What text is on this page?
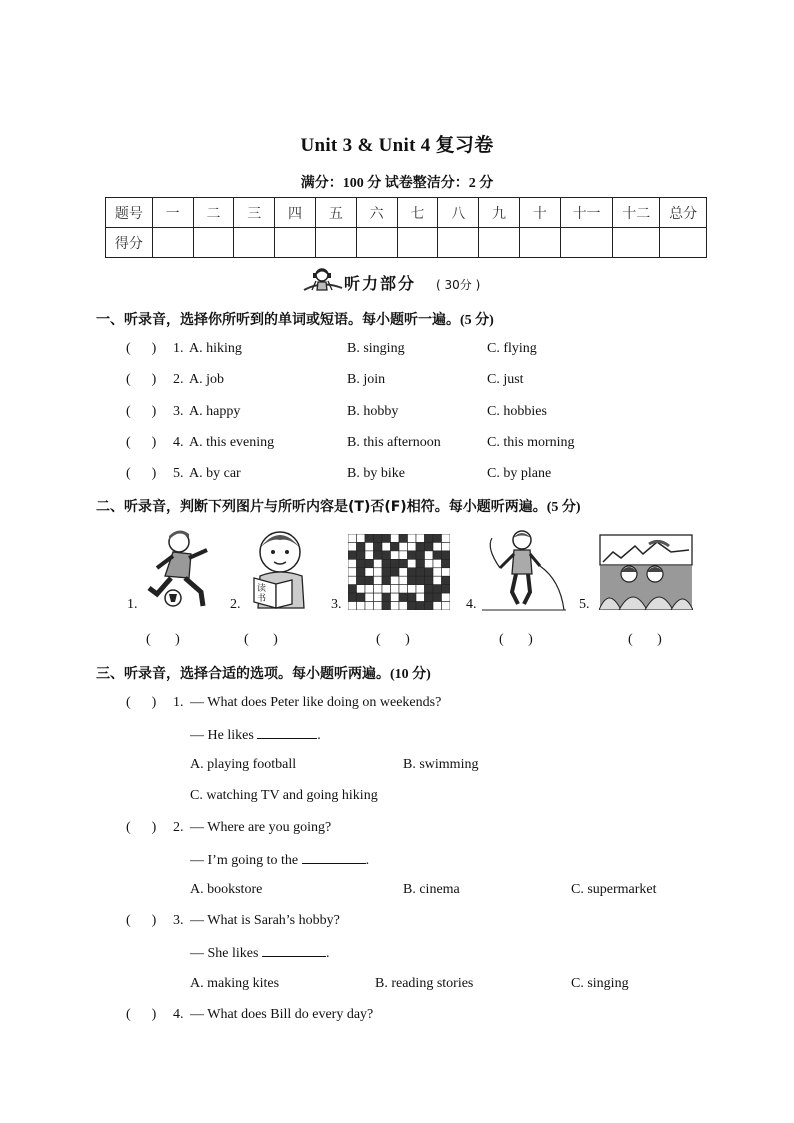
Unit 3 & Unit 4 复习卷
满分：100 分 试卷整洁分：2 分
题号	一	二	三	四	五	六	七	八	九	十	十一	十二	总分
得分													
听力部分 ( 30分 )
一、听录音，选择你所听到的单词或短语。每小题听一遍。(5 分)
(      ) 1. A. hiking	B. singing	C. flying
(      ) 2. A. job	B. join	C. just
(      ) 3. A. happy	B. hobby	C. hobbies
(      ) 4. A. this evening	B. this afternoon	C. this morning
(      ) 5. A. by car	B. by bike	C. by plane
二、听录音，判断下列图片与所听内容是(T)否(F)相符。每小题听两遍。(5 分)
1.	2.
读书	3.	4.	5.
(       )	(       )	(       )	(       )	(       )
三、听录音，选择合适的选项。每小题听两遍。(10 分)
(      ) 1. — What does Peter like doing on weekends?
— He likes	.
A. playing football	B. swimming
C. watching TV and going hiking
(      ) 2. — Where are you going?
— I’m going to the	.
A. bookstore	B. cinema	C. supermarket
(      ) 3. — What is Sarah’s hobby?
— She likes	.
A. making kites	B. reading stories	C. singing
(      ) 4. — What does Bill do every day?
